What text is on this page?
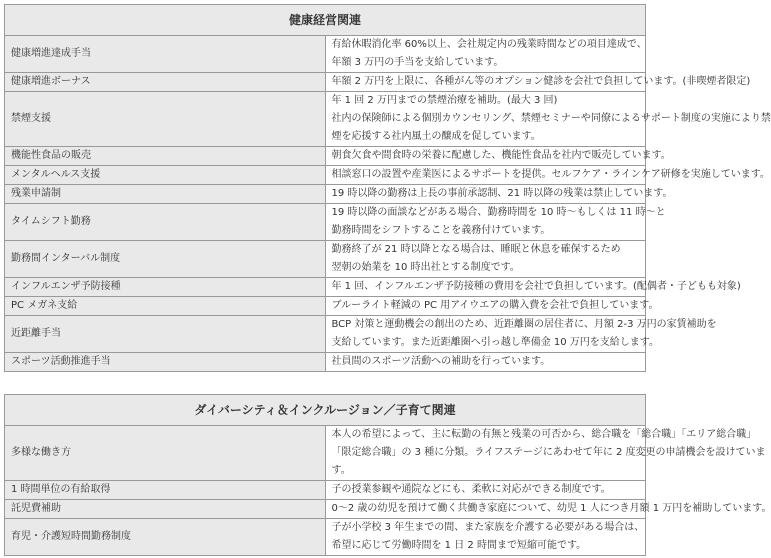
健康経営関連	
健康増進達成手当	有給休暇消化率 60%以上、会社規定内の残業時間などの項目達成で、
年額 3 万円の手当を支給しています。

健康増進ボーナス	年額 2 万円を上限に、各種がん等のオプション健診を会社で負担しています。(非喫煙者限定)

禁煙支援	年 1 回 2 万円までの禁煙治療を補助。(最大 3 回)
社内の保険師による個別カウンセリング、禁煙セミナーや同僚によるサポート制度の実施により禁
煙を応援する社内風土の醸成を促しています。

機能性食品の販売	朝食欠食や間食時の栄養に配慮した、機能性食品を社内で販売しています。

メンタルヘルス支援	相談窓口の設置や産業医によるサポートを提供。セルフケア・ラインケア研修を実施しています。

残業申請制	19 時以降の勤務は上長の事前承認制、21 時以降の残業は禁止しています。

タイムシフト勤務	19 時以降の面談などがある場合、勤務時間を 10 時～もしくは 11 時～と
勤務時間をシフトすることを義務付けています。

勤務間インターバル制度	勤務終了が 21 時以降となる場合は、睡眠と休息を確保するため
翌朝の始業を 10 時出社とする制度です。

インフルエンザ予防接種	年 1 回、インフルエンザ予防接種の費用を会社で負担しています。(配偶者・子どもも対象)

PC メガネ支給	ブルーライト軽減の PC 用アイウエアの購入費を会社で負担しています。

近距離手当	BCP 対策と運動機会の創出のため、近距離圏の居住者に、月額 2-3 万円の家賃補助を
支給しています。また近距離圏へ引っ越し準備金 10 万円を支給します。

スポーツ活動推進手当	社員間のスポーツ活動への補助を行っています。
ダイバーシティ＆インクルージョン／子育て関連	
多様な働き方	本人の希望によって、主に転勤の有無と残業の可否から、総合職を「総合職」「エリア総合職」
「限定総合職」の 3 種に分類。ライフステージにあわせて年に 2 度変更の申請機会を設けていま
す。

1 時間単位の有給取得	子の授業参観や通院などにも、柔軟に対応ができる制度です。

託児費補助	0～2 歳の幼児を預けて働く共働き家庭について、幼児 1 人につき月額 1 万円を補助しています。

育児・介護短時間勤務制度	子が小学校 3 年生までの間、また家族を介護する必要がある場合は、
希望に応じて労働時間を 1 日 2 時間まで短縮可能です。
